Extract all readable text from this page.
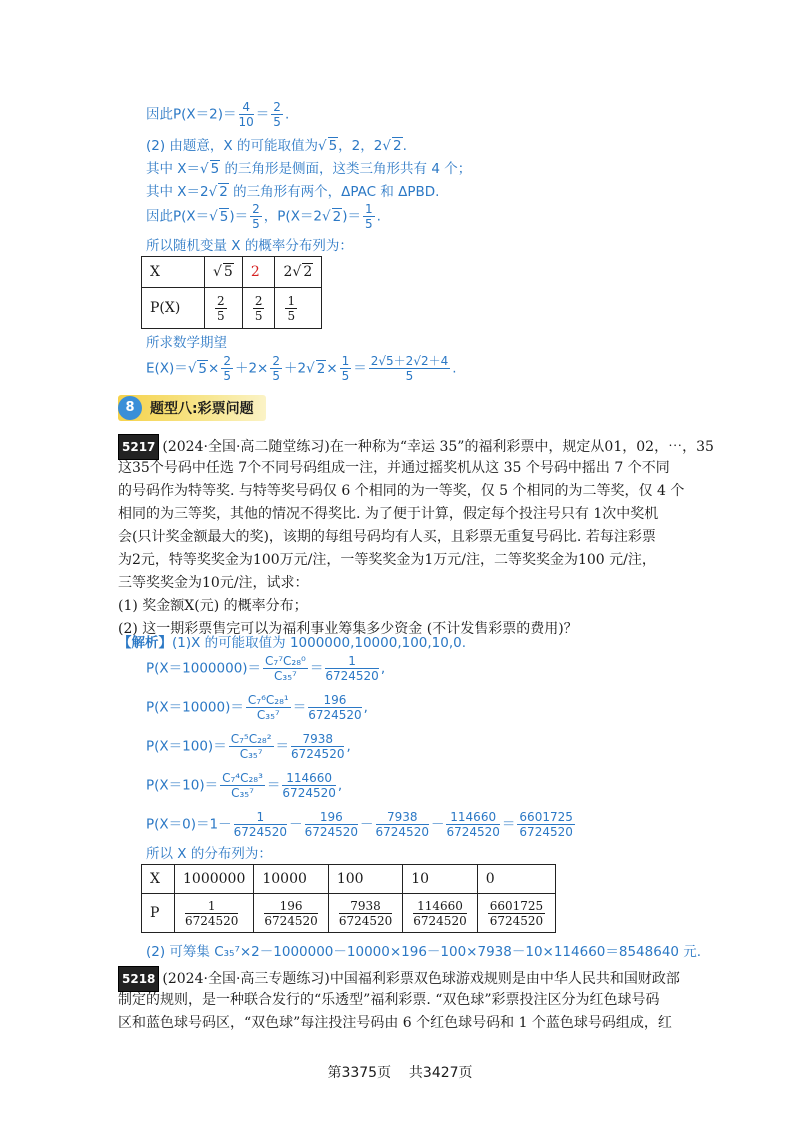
因此$P(X=2)= \frac{4}{10} = \frac{2}{5}$ .
(2) 由题意，X 的可能取值为√ 5，2，2√ 2.
其中 X＝√ 5 的三角形是侧面，这类三角形共有 4 个；
其中 X＝2√ 2 的三角形有两个，ΔPAC 和 ΔPBD.
因此P(X＝√ $5)= \frac{2}{5}$ ，P(X＝2√ $2)= \frac{1}{5}$ .
所以随机变量 X 的概率分布列为：
X	√ 5	2	2√ 2
P(X)	$\frac{2}{5}$	$\frac{2}{5}$	$\frac{1}{5}$
所求数学期望
E(X)＝√ $5\times \frac{2}{5} +2\times \frac{2}{5} +2√$ $2\times \frac{1}{5} = \frac{2√5+2√2+4}{5}$ .
8	题型八:彩票问题
5217 (2024·全国·高二随堂练习)在一种称为“幸运 35”的福利彩票中，规定从01，02，⋯，35
这35个号码中任选 7个不同号码组成一注，并通过摇奖机从这 35 个号码中摇出 7 个不同
的号码作为特等奖. 与特等奖号码仅 6 个相同的为一等奖，仅 5 个相同的为二等奖，仅 4 个
相同的为三等奖，其他的情况不得奖比. 为了便于计算，假定每个投注号只有 1次中奖机
会(只计奖金额最大的奖)，该期的每组号码均有人买，且彩票无重复号码比. 若每注彩票
为2元，特等奖奖金为100万元/注，一等奖奖金为1万元/注，二等奖奖金为100 元/注，
三等奖奖金为10元/注，试求：
(1) 奖金额X(元) 的概率分布；
(2) 这一期彩票售完可以为福利事业筹集多少资金 (不计发售彩票的费用)？
【解析】(1)X 的可能取值为 1000000,10000,100,10,0.
$P(X=1000000)= \frac{\text{C₇⁷C₂₈⁰}}{\text{C₃₅⁷}} = \frac{1}{6724520}$ ,
$P(X=10000)= \frac{\text{C₇⁶C₂₈¹}}{\text{C₃₅⁷}} = \frac{196}{6724520}$ ,
$P(X=100)= \frac{\text{C₇⁵C₂₈²}}{\text{C₃₅⁷}} = \frac{7938}{6724520}$ ,
$P(X=10)= \frac{\text{C₇⁴C₂₈³}}{\text{C₃₅⁷}} = \frac{114660}{6724520}$ ,
$P(X=0)=1- \frac{1}{6724520} - \frac{196}{6724520} - \frac{7938}{6724520} - \frac{114660}{6724520} = \frac{6601725}{6724520}$
所以 X 的分布列为：
X	1000000	10000	100	10	0
P	$\frac{1}{6724520}$	$\frac{196}{6724520}$	$\frac{7938}{6724520}$	$\frac{114660}{6724520}$	$\frac{6601725}{6724520}$
(2) 可筹集 C₃₅⁷×2－1000000－10000×196－100×7938－10×114660＝8548640 元.
5218 (2024·全国·高三专题练习)中国福利彩票双色球游戏规则是由中华人民共和国财政部
制定的规则，是一种联合发行的“乐透型”福利彩票. “双色球”彩票投注区分为红色球号码
区和蓝色球号码区，“双色球”每注投注号码由 6 个红色球号码和 1 个蓝色球号码组成，红
第3375页 共3427页
